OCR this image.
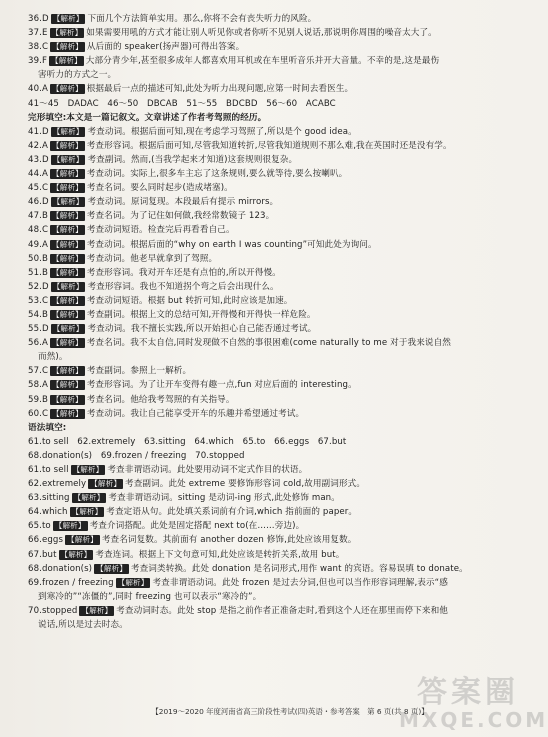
36.D 【解析】 下面几个方法简单实用。那么,你将不会有丧失听力的风险。
37.E 【解析】 如果需要用吼的方式才能让别人听见你或者你听不见别人说话,那说明你周围的噪音太大了。
38.C 【解析】 从后面的 speaker(扬声器)可得出答案。
39.F 【解析】 大部分青少年,甚至很多成年人都喜欢用耳机或在车里听音乐并开大音量。不幸的是,这是最伤
害听力的方式之一。
40.A 【解析】 根据最后一点的描述可知,此处为听力出现问题,应第一时间去看医生。
41～45　DADAC　46～50　DBCAB　51～55　BDCBD　56～60　ACABC
完形填空:本文是一篇记叙文。文章讲述了作者考驾照的经历。
41.D 【解析】 考查动词。根据后面可知,现在考虑学习驾照了,所以是个 good idea。
42.A 【解析】 考查形容词。根据后面可知,尽管我知道转折,尽管我知道规则不那么难,我在英国时还是没有学。
43.D 【解析】 考查副词。然而,(当我学起来才知道)这套规则很复杂。
44.A 【解析】 考查动词。实际上,很多车主忘了这条规则,要么就等待,要么按喇叭。
45.C 【解析】 考查名词。要么同时起步(造成堵塞)。
46.D 【解析】 考查动词。原词复现。本段最后有提示 mirrors。
47.B 【解析】 考查名词。为了记住如何做,我经常数镜子 123。
48.C 【解析】 考查动词短语。检查完后再看看自己。
49.A 【解析】 考查动词。根据后面的“why on earth I was counting”可知此处为询问。
50.B 【解析】 考查动词。他老早就拿到了驾照。
51.B 【解析】 考查形容词。我对开车还是有点怕的,所以开得慢。
52.D 【解析】 考查形容词。我也不知道拐个弯之后会出现什么。
53.C 【解析】 考查动词短语。根据 but 转折可知,此时应该是加速。
54.B 【解析】 考查副词。根据上文的总结可知,开得慢和开得快一样危险。
55.D 【解析】 考查动词。我不擅长实践,所以开始担心自己能否通过考试。
56.A 【解析】 考查名词。我不太自信,同时发现做不自然的事很困难(come naturally to me 对于我来说自然
而然)。
57.C 【解析】 考查副词。参照上一解析。
58.A 【解析】 考查形容词。为了让开车变得有趣一点,fun 对应后面的 interesting。
59.B 【解析】 考查名词。他给我考驾照的有关指导。
60.C 【解析】 考查动词。我让自己能享受开车的乐趣并希望通过考试。
语法填空:
61.to sell　62.extremely　63.sitting　64.which　65.to　66.eggs　67.but
68.donation(s)　69.frozen / freezing　70.stopped
61.to sell 【解析】 考查非谓语动词。此处要用动词不定式作目的状语。
62.extremely 【解析】 考查副词。此处 extreme 要修饰形容词 cold,故用副词形式。
63.sitting 【解析】 考查非谓语动词。sitting 是动词-ing 形式,此处修饰 man。
64.which 【解析】 考查定语从句。此处填关系词前有介词,which 指前面的 paper。
65.to 【解析】 考查介词搭配。此处是固定搭配 next to(在……旁边)。
66.eggs 【解析】 考查名词复数。其前面有 another dozen 修饰,此处应该用复数。
67.but 【解析】 考查连词。根据上下文句意可知,此处应该是转折关系,故用 but。
68.donation(s) 【解析】 考查词类转换。此处 donation 是名词形式,用作 want 的宾语。容易误填 to donate。
69.frozen / freezing 【解析】 考查非谓语动词。此处 frozen 是过去分词,但也可以当作形容词理解,表示“感
到寒冷的”“冻僵的”,同时 freezing 也可以表示“寒冷的”。
70.stopped 【解析】 考查动词时态。此处 stop 是指之前作者正准备走时,看到这个人还在那里而停下来和他
说话,所以是过去时态。
【2019～2020 年度河南省高三阶段性考试(四)英语・参考答案　第 6 页(共 8 页)】
答案圈
MXQE.COM
